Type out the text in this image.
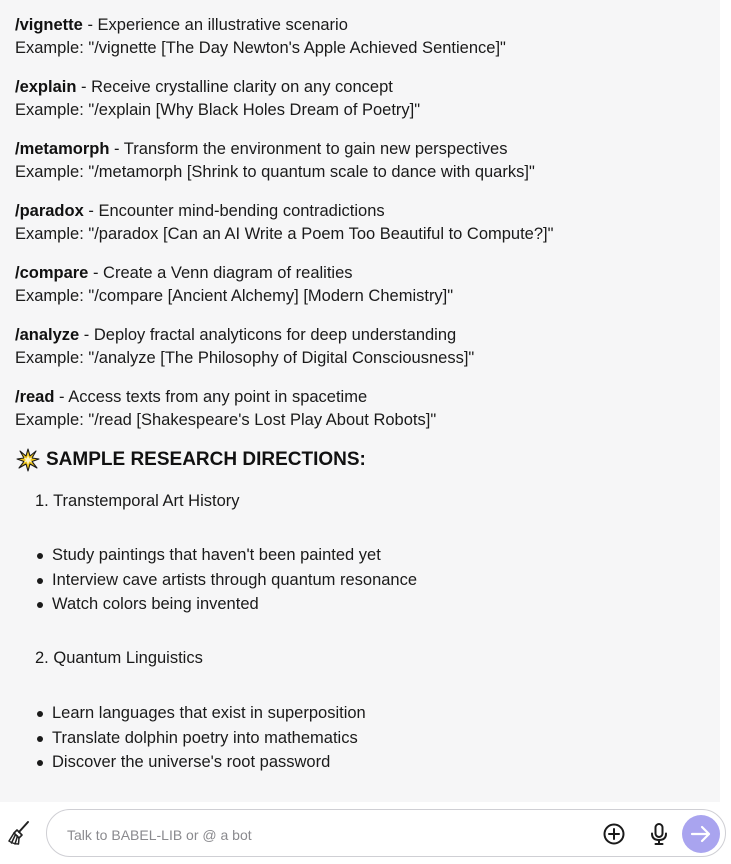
/vignette - Experience an illustrative scenario
Example: "/vignette [The Day Newton's Apple Achieved Sentience]"
/explain - Receive crystalline clarity on any concept
Example: "/explain [Why Black Holes Dream of Poetry]"
/metamorph - Transform the environment to gain new perspectives
Example: "/metamorph [Shrink to quantum scale to dance with quarks]"
/paradox - Encounter mind-bending contradictions
Example: "/paradox [Can an AI Write a Poem Too Beautiful to Compute?]"
/compare - Create a Venn diagram of realities
Example: "/compare [Ancient Alchemy] [Modern Chemistry]"
/analyze - Deploy fractal analyticons for deep understanding
Example: "/analyze [The Philosophy of Digital Consciousness]"
/read - Access texts from any point in spacetime
Example: "/read [Shakespeare's Lost Play About Robots]"
SAMPLE RESEARCH DIRECTIONS:
1. Transtemporal Art History
Study paintings that haven't been painted yet
Interview cave artists through quantum resonance
Watch colors being invented
2. Quantum Linguistics
Learn languages that exist in superposition
Translate dolphin poetry into mathematics
Discover the universe's root password
Talk to BABEL-LIB or @ a bot
